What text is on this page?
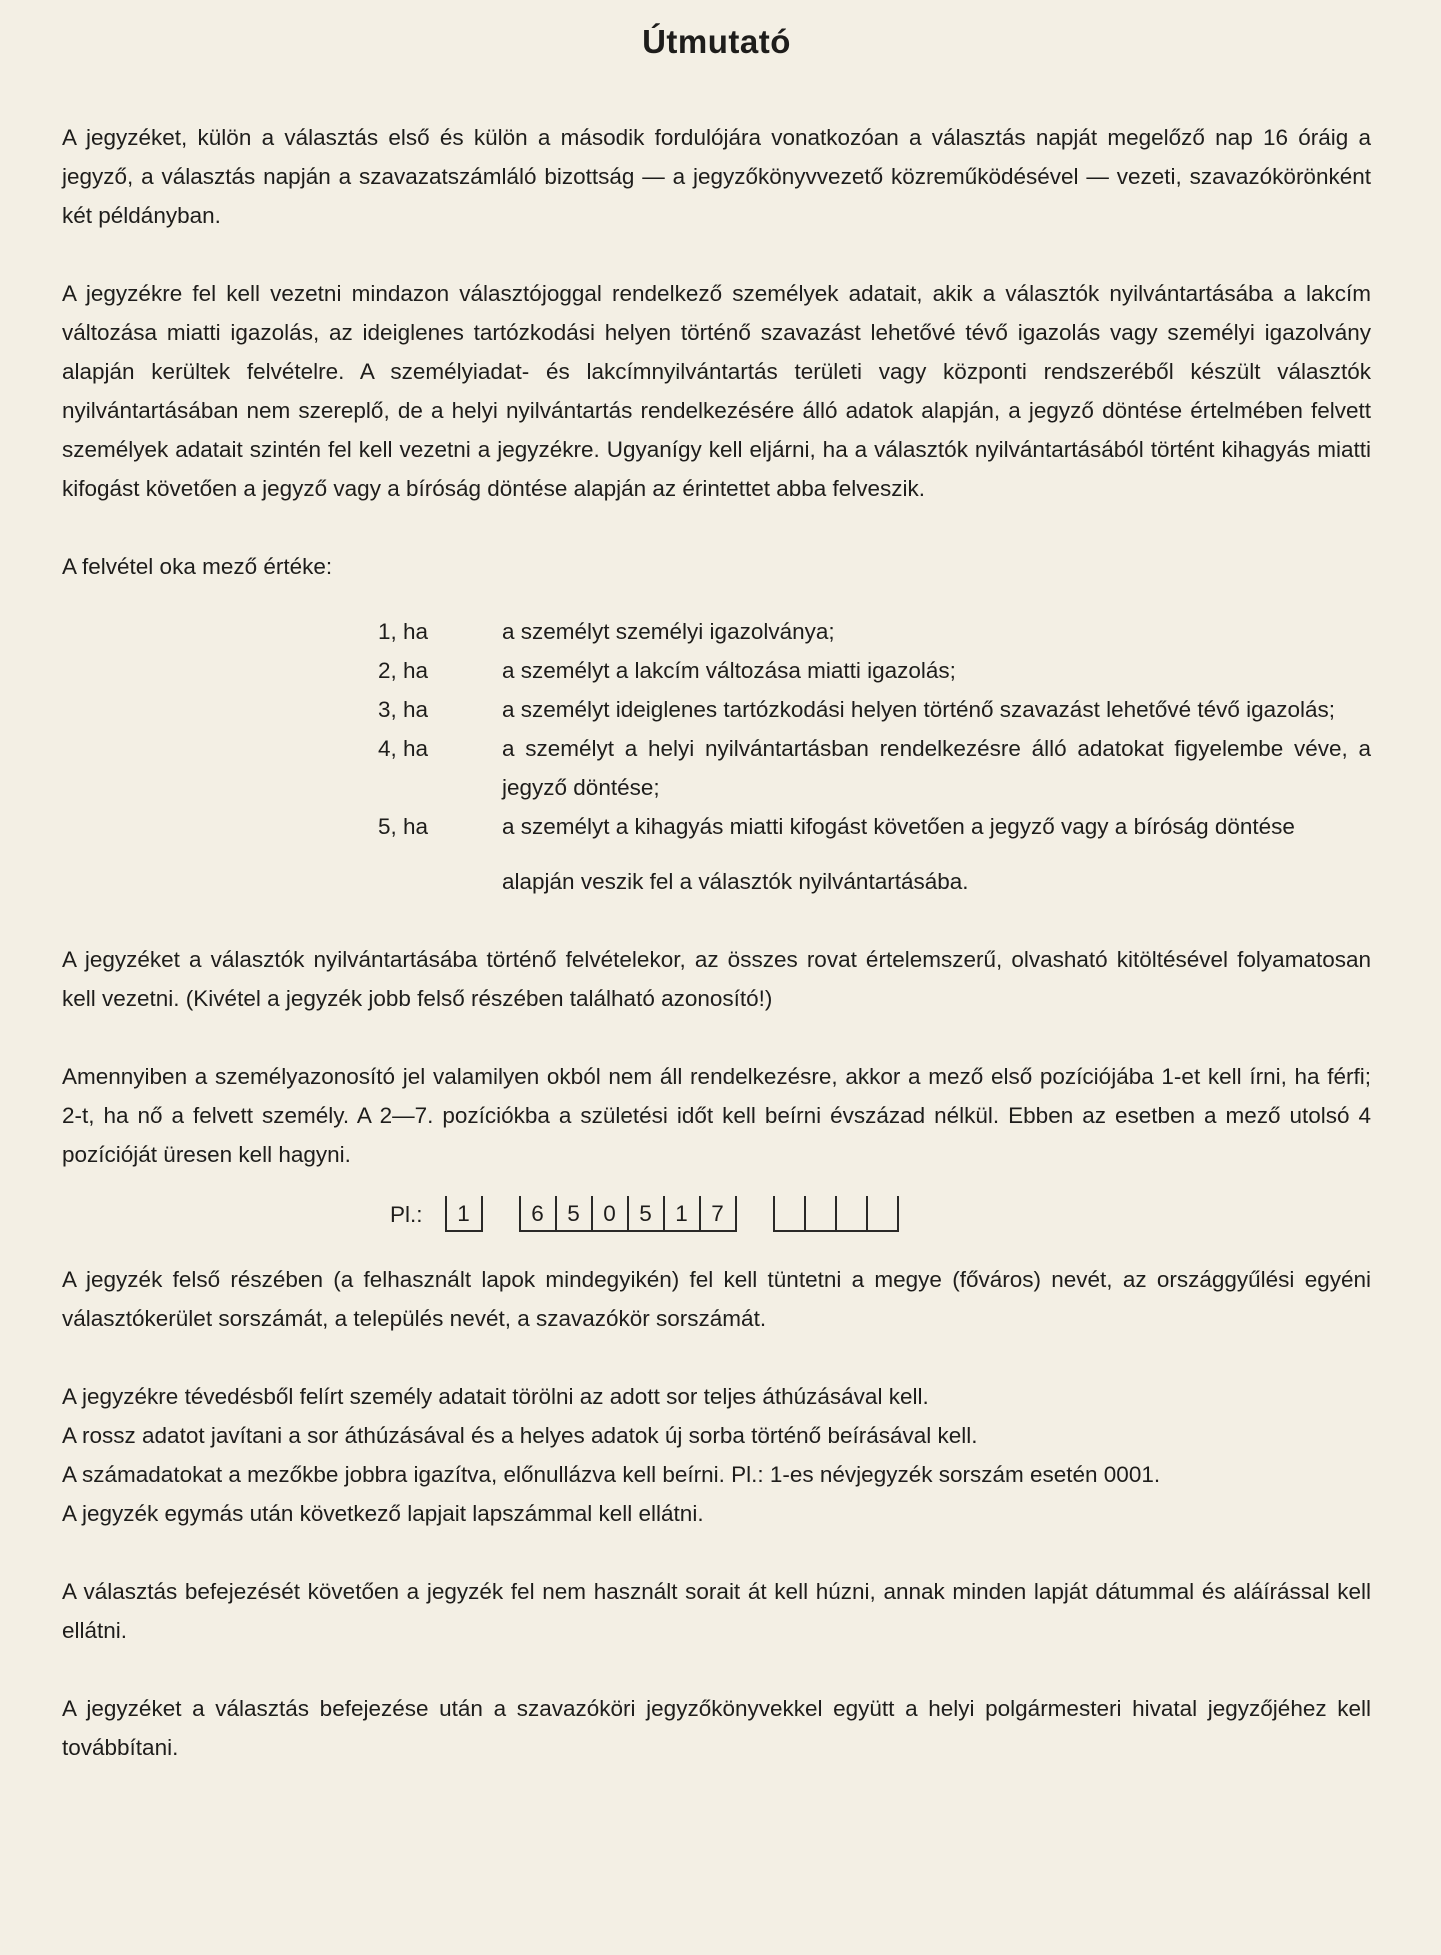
Útmutató

A jegyzéket, külön a választás első és külön a második fordulójára vonatkozóan a választás napját megelőző nap 16 óráig a jegyző, a választás napján a szavazatszámláló bizottság — a jegyzőkönyvvezető közreműködésével — vezeti, szavazókörönként két példányban.

A jegyzékre fel kell vezetni mindazon választójoggal rendelkező személyek adatait, akik a választók nyilvántartásába a lakcím változása miatti igazolás, az ideiglenes tartózkodási helyen történő szavazást lehetővé tévő igazolás vagy személyi igazolvány alapján kerültek felvételre. A személyiadat- és lakcímnyilvántartás területi vagy központi rendszeréből készült választók nyilvántartásában nem szereplő, de a helyi nyilvántartás rendelkezésére álló adatok alapján, a jegyző döntése értelmében felvett személyek adatait szintén fel kell vezetni a jegyzékre. Ugyanígy kell eljárni, ha a választók nyilvántartásából történt kihagyás miatti kifogást követően a jegyző vagy a bíróság döntése alapján az érintettet abba felveszik.

A felvétel oka mező értéke:

1, ha	a személyt személyi igazolványa;
2, ha	a személyt a lakcím változása miatti igazolás;
3, ha	a személyt ideiglenes tartózkodási helyen történő szavazást lehetővé tévő igazolás;
4, ha	a személyt a helyi nyilvántartásban rendelkezésre álló adatokat figyelembe véve, a jegyző döntése;
5, ha	a személyt a kihagyás miatti kifogást követően a jegyző vagy a bíróság döntése
alapján veszik fel a választók nyilvántartásába.

A jegyzéket a választók nyilvántartásába történő felvételekor, az összes rovat értelemszerű, olvasható kitöltésével folyamatosan kell vezetni. (Kivétel a jegyzék jobb felső részében található azonosító!)

Amennyiben a személyazonosító jel valamilyen okból nem áll rendelkezésre, akkor a mező első pozíciójába 1-et kell írni, ha férfi; 2-t, ha nő a felvett személy. A 2—7. pozíciókba a születési időt kell beírni évszázad nélkül. Ebben az esetben a mező utolsó 4 pozícióját üresen kell hagyni.

Pl.:	1	6	5	0	5	1	7

A jegyzék felső részében (a felhasznált lapok mindegyikén) fel kell tüntetni a megye (főváros) nevét, az országgyűlési egyéni választókerület sorszámát, a település nevét, a szavazókör sorszámát.

A jegyzékre tévedésből felírt személy adatait törölni az adott sor teljes áthúzásával kell.

A rossz adatot javítani a sor áthúzásával és a helyes adatok új sorba történő beírásával kell.

A számadatokat a mezőkbe jobbra igazítva, előnullázva kell beírni. Pl.: 1-es névjegyzék sorszám esetén 0001.

A jegyzék egymás után következő lapjait lapszámmal kell ellátni.

A választás befejezését követően a jegyzék fel nem használt sorait át kell húzni, annak minden lapját dátummal és aláírással kell ellátni.

A jegyzéket a választás befejezése után a szavazóköri jegyzőkönyvekkel együtt a helyi polgármesteri hivatal jegyzőjéhez kell továbbítani.
